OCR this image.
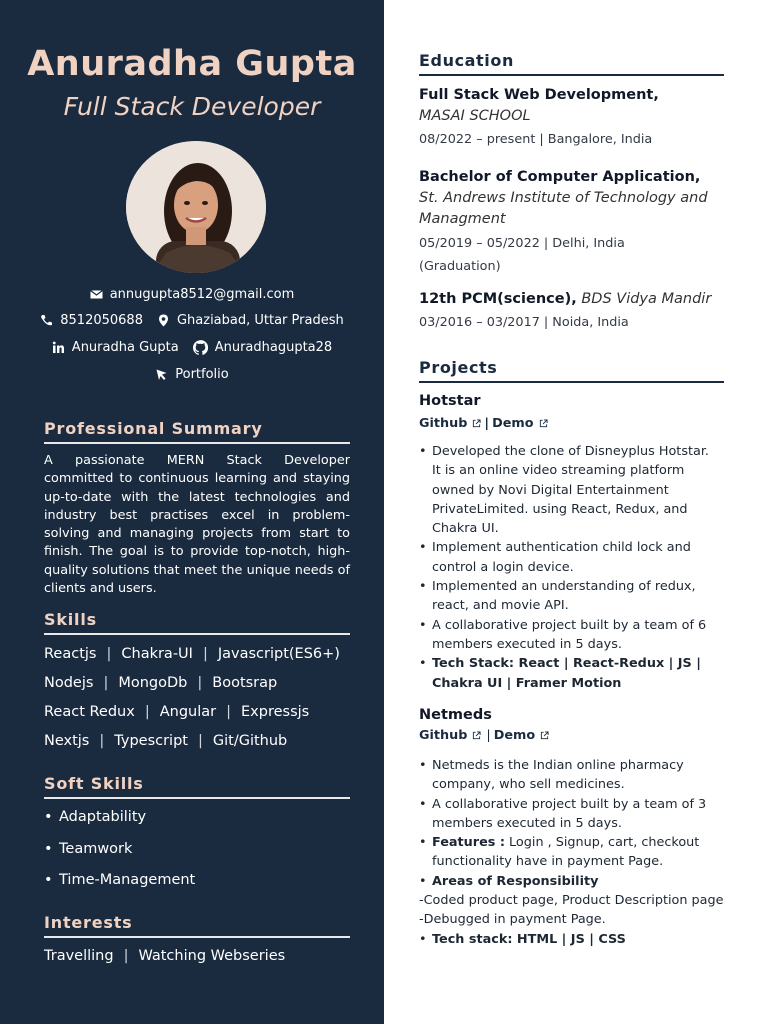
Anuradha Gupta
Full Stack Developer
annugupta8512@gmail.com
8512050688	Ghaziabad, Uttar Pradesh
Anuradha Gupta	Anuradhagupta28
Portfolio
Professional Summary
A passionate MERN Stack Developer committed to continuous learning and staying up-to-date with the latest technologies and industry best practises excel in problem-solving and managing projects from start to finish. The goal is to provide top-notch, high-quality solutions that meet the unique needs of clients and users.
Skills
Reactjs | Chakra-UI | Javascript(ES6+)
Nodejs | MongoDb | Bootsrap
React Redux | Angular | Expressjs
Nextjs | Typescript | Git/Github
Soft Skills
• Adaptability
• Teamwork
• Time-Management
Interests
Travelling | Watching Webseries
Education
Full Stack Web Development,
MASAI SCHOOL
08/2022 – present | Bangalore, India
Bachelor of Computer Application, St. Andrews Institute of Technology and Managment
05/2019 – 05/2022 | Delhi, India
(Graduation)
12th PCM(science), BDS Vidya Mandir
03/2016 – 03/2017 | Noida, India
Projects
Hotstar
Github | Demo
• Developed the clone of Disneyplus Hotstar. It is an online video streaming platform owned by Novi Digital Entertainment PrivateLimited. using React, Redux, and Chakra UI.
• Implement authentication child lock and control a login device.
• Implemented an understanding of redux, react, and movie API.
• A collaborative project built by a team of 6 members executed in 5 days.
• Tech Stack: React | React-Redux | JS | Chakra UI | Framer Motion
Netmeds
Github | Demo
• Netmeds is the Indian online pharmacy company, who sell medicines.
• A collaborative project built by a team of 3 members executed in 5 days.
• Features : Login , Signup, cart, checkout functionality have in payment Page.
• Areas of Responsibility
-Coded product page, Product Description page
-Debugged in payment Page.
• Tech stack: HTML | JS | CSS
